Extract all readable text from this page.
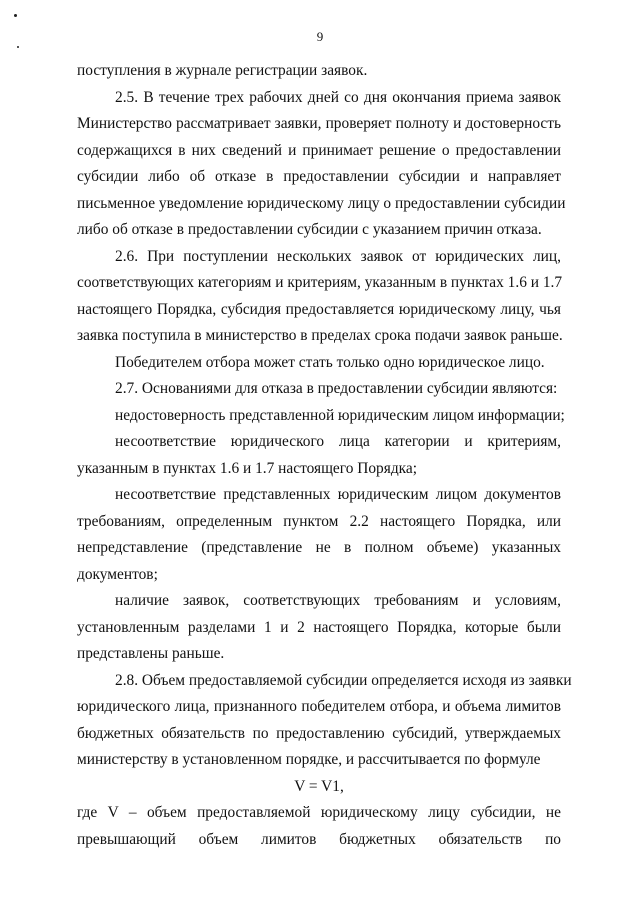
9
поступления в журнале регистрации заявок.
2.5. В течение трех рабочих дней со дня окончания приема заявок
Министерство рассматривает заявки, проверяет полноту и достоверность
содержащихся в них сведений и принимает решение о предоставлении
субсидии либо об отказе в предоставлении субсидии и направляет
письменное уведомление юридическому лицу о предоставлении субсидии
либо об отказе в предоставлении субсидии с указанием причин отказа.
2.6. При поступлении нескольких заявок от юридических лиц,
соответствующих категориям и критериям, указанным в пунктах 1.6 и 1.7
настоящего Порядка, субсидия предоставляется юридическому лицу, чья
заявка поступила в министерство в пределах срока подачи заявок раньше.
Победителем отбора может стать только одно юридическое лицо.
2.7. Основаниями для отказа в предоставлении субсидии являются:
недостоверность представленной юридическим лицом информации;
несоответствие юридического лица категории и критериям,
указанным в пунктах 1.6 и 1.7 настоящего Порядка;
несоответствие представленных юридическим лицом документов
требованиям, определенным пунктом 2.2 настоящего Порядка, или
непредставление (представление не в полном объеме) указанных
документов;
наличие заявок, соответствующих требованиям и условиям,
установленным разделами 1 и 2 настоящего Порядка, которые были
представлены раньше.
2.8. Объем предоставляемой субсидии определяется исходя из заявки
юридического лица, признанного победителем отбора, и объема лимитов
бюджетных обязательств по предоставлению субсидий, утверждаемых
министерству в установленном порядке, и рассчитывается по формуле
V = V1,
где V – объем предоставляемой юридическому лицу субсидии, не
превышающий объем лимитов бюджетных обязательств по
